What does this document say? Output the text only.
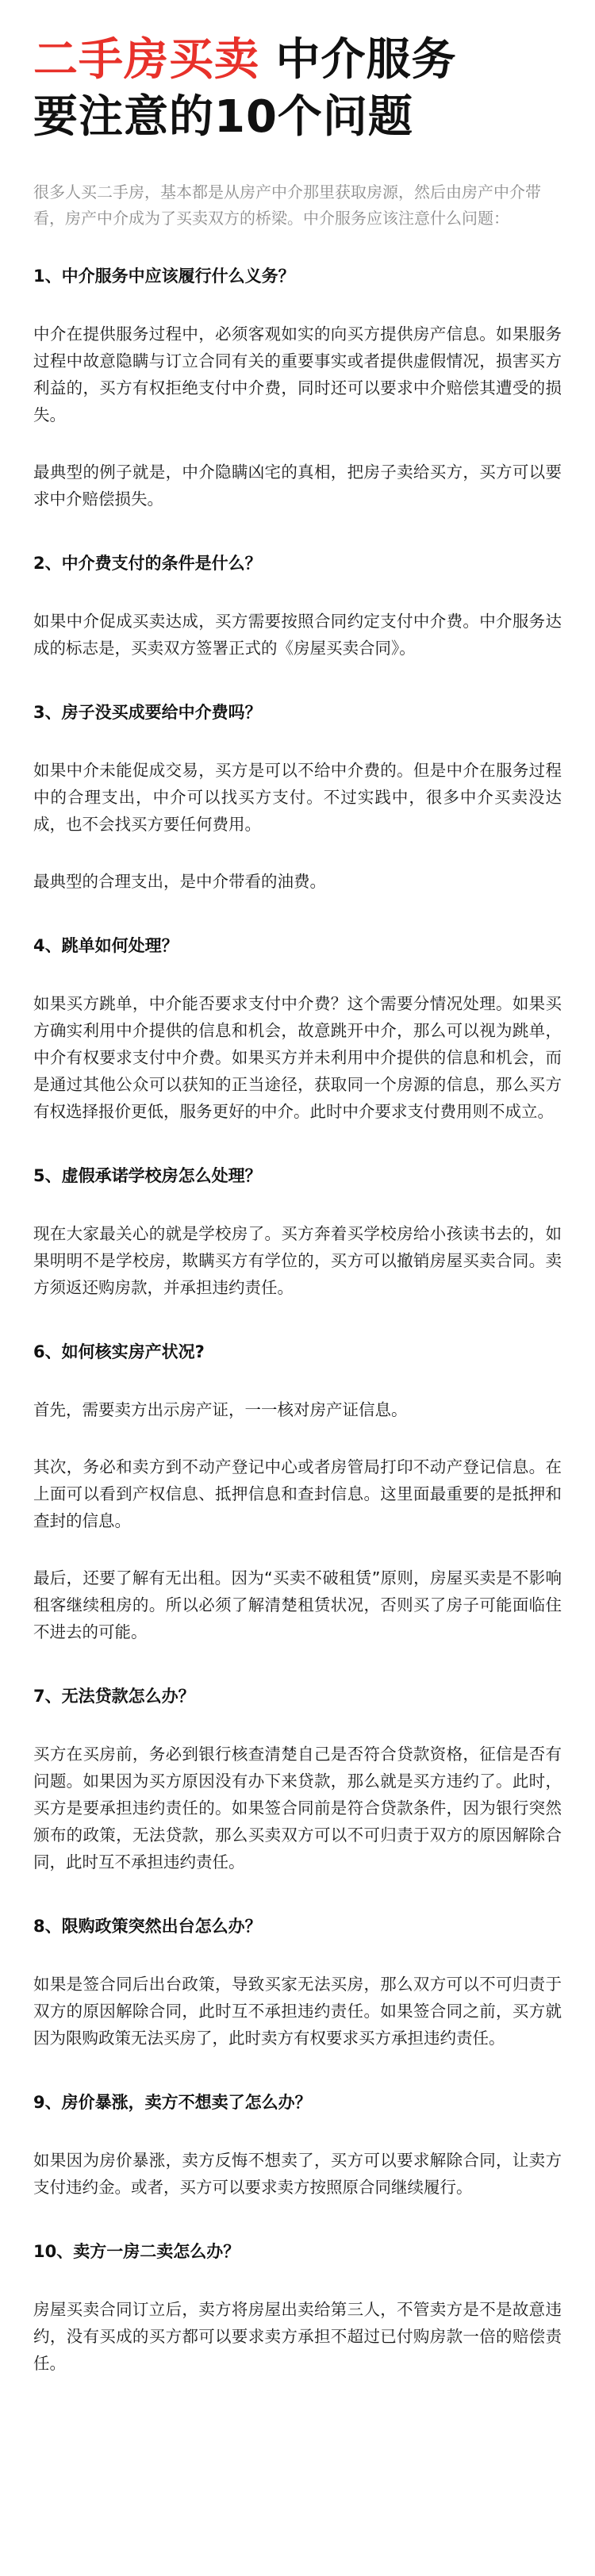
二手房买卖 中介服务
要注意的10个问题
很多人买二手房，基本都是从房产中介那里获取房源，然后由房产中介带看，房产中介成为了买卖双方的桥梁。中介服务应该注意什么问题：
1、中介服务中应该履行什么义务？
中介在提供服务过程中，必须客观如实的向买方提供房产信息。如果服务过程中故意隐瞒与订立合同有关的重要事实或者提供虚假情况，损害买方利益的，买方有权拒绝支付中介费，同时还可以要求中介赔偿其遭受的损失。
最典型的例子就是，中介隐瞒凶宅的真相，把房子卖给买方，买方可以要求中介赔偿损失。
2、中介费支付的条件是什么？
如果中介促成买卖达成，买方需要按照合同约定支付中介费。中介服务达成的标志是，买卖双方签署正式的《房屋买卖合同》。
3、房子没买成要给中介费吗？
如果中介未能促成交易，买方是可以不给中介费的。但是中介在服务过程中的合理支出，中介可以找买方支付。不过实践中，很多中介买卖没达成，也不会找买方要任何费用。
最典型的合理支出，是中介带看的油费。
4、跳单如何处理？
如果买方跳单，中介能否要求支付中介费？这个需要分情况处理。如果买方确实利用中介提供的信息和机会，故意跳开中介，那么可以视为跳单，中介有权要求支付中介费。如果买方并未利用中介提供的信息和机会，而是通过其他公众可以获知的正当途径，获取同一个房源的信息，那么买方有权选择报价更低，服务更好的中介。此时中介要求支付费用则不成立。
5、虚假承诺学校房怎么处理？
现在大家最关心的就是学校房了。买方奔着买学校房给小孩读书去的，如果明明不是学校房，欺瞒买方有学位的，买方可以撤销房屋买卖合同。卖方须返还购房款，并承担违约责任。
6、如何核实房产状况?
首先，需要卖方出示房产证，一一核对房产证信息。
其次，务必和卖方到不动产登记中心或者房管局打印不动产登记信息。在上面可以看到产权信息、抵押信息和查封信息。这里面最重要的是抵押和查封的信息。
最后，还要了解有无出租。因为“买卖不破租赁”原则，房屋买卖是不影响租客继续租房的。所以必须了解清楚租赁状况，否则买了房子可能面临住不进去的可能。
7、无法贷款怎么办？
买方在买房前，务必到银行核查清楚自己是否符合贷款资格，征信是否有问题。如果因为买方原因没有办下来贷款，那么就是买方违约了。此时，买方是要承担违约责任的。如果签合同前是符合贷款条件，因为银行突然颁布的政策，无法贷款，那么买卖双方可以不可归责于双方的原因解除合同，此时互不承担违约责任。
8、限购政策突然出台怎么办？
如果是签合同后出台政策，导致买家无法买房，那么双方可以不可归责于双方的原因解除合同，此时互不承担违约责任。如果签合同之前，买方就因为限购政策无法买房了，此时卖方有权要求买方承担违约责任。
9、房价暴涨，卖方不想卖了怎么办？
如果因为房价暴涨，卖方反悔不想卖了，买方可以要求解除合同，让卖方支付违约金。或者，买方可以要求卖方按照原合同继续履行。
10、卖方一房二卖怎么办？
房屋买卖合同订立后，卖方将房屋出卖给第三人，不管卖方是不是故意违约，没有买成的买方都可以要求卖方承担不超过已付购房款一倍的赔偿责任。
